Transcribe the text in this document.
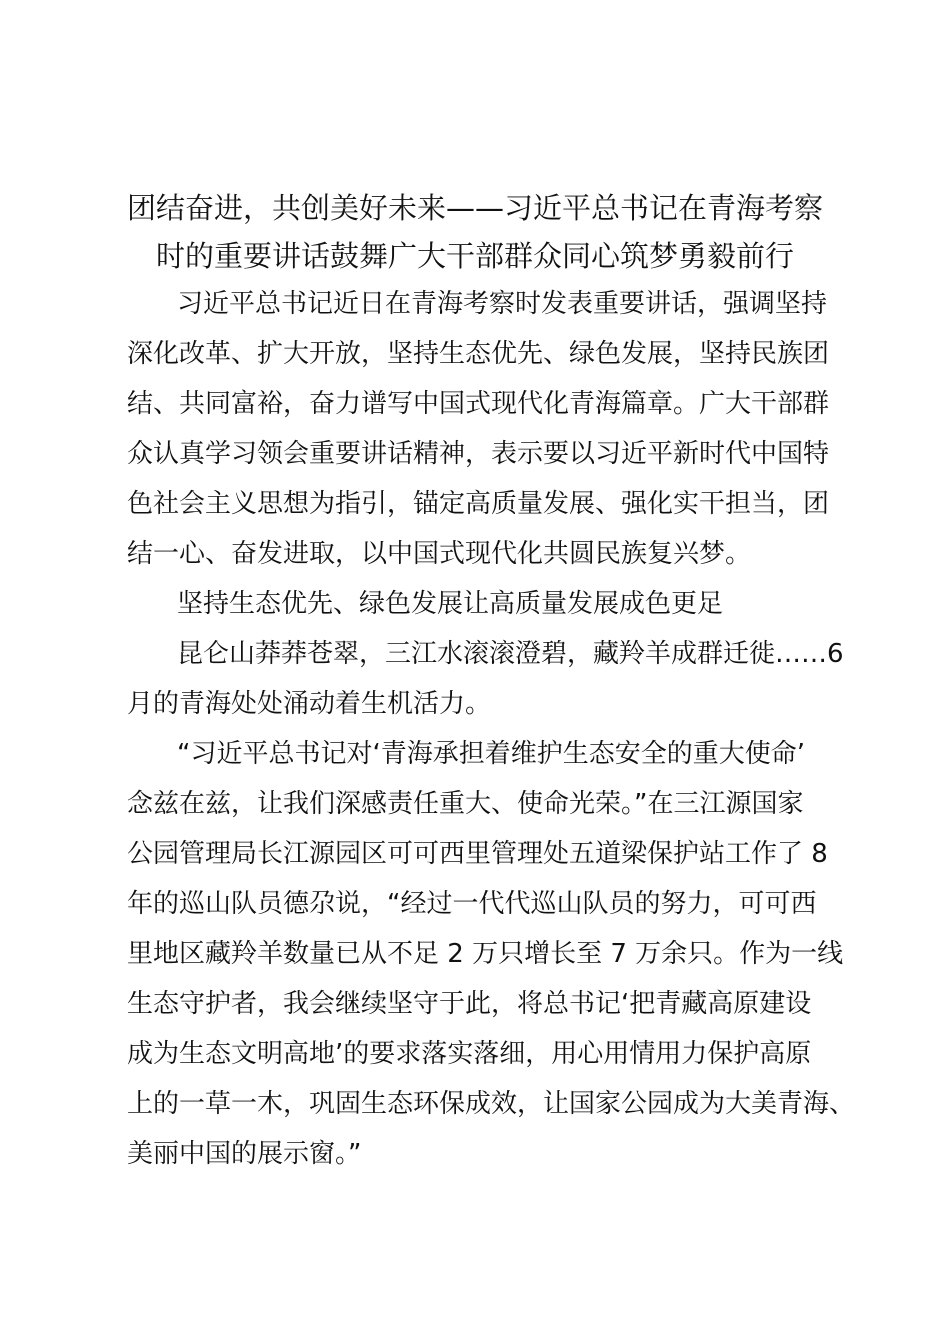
团结奋进，共创美好未来——习近平总书记在青海考察
时的重要讲话鼓舞广大干部群众同心筑梦勇毅前行
习近平总书记近日在青海考察时发表重要讲话，强调坚持
深化改革、扩大开放，坚持生态优先、绿色发展，坚持民族团
结、共同富裕，奋力谱写中国式现代化青海篇章。广大干部群
众认真学习领会重要讲话精神，表示要以习近平新时代中国特
色社会主义思想为指引，锚定高质量发展、强化实干担当，团
结一心、奋发进取，以中国式现代化共圆民族复兴梦。
坚持生态优先、绿色发展让高质量发展成色更足
昆仑山莽莽苍翠，三江水滚滚澄碧，藏羚羊成群迁徙……6
月的青海处处涌动着生机活力。
“习近平总书记对‘青海承担着维护生态安全的重大使命’
念兹在兹，让我们深感责任重大、使命光荣。”在三江源国家
公园管理局长江源园区可可西里管理处五道梁保护站工作了 8
年的巡山队员德尕说，“经过一代代巡山队员的努力，可可西
里地区藏羚羊数量已从不足 2 万只增长至 7 万余只。作为一线
生态守护者，我会继续坚守于此，将总书记‘把青藏高原建设
成为生态文明高地’的要求落实落细，用心用情用力保护高原
上的一草一木，巩固生态环保成效，让国家公园成为大美青海、
美丽中国的展示窗。”
